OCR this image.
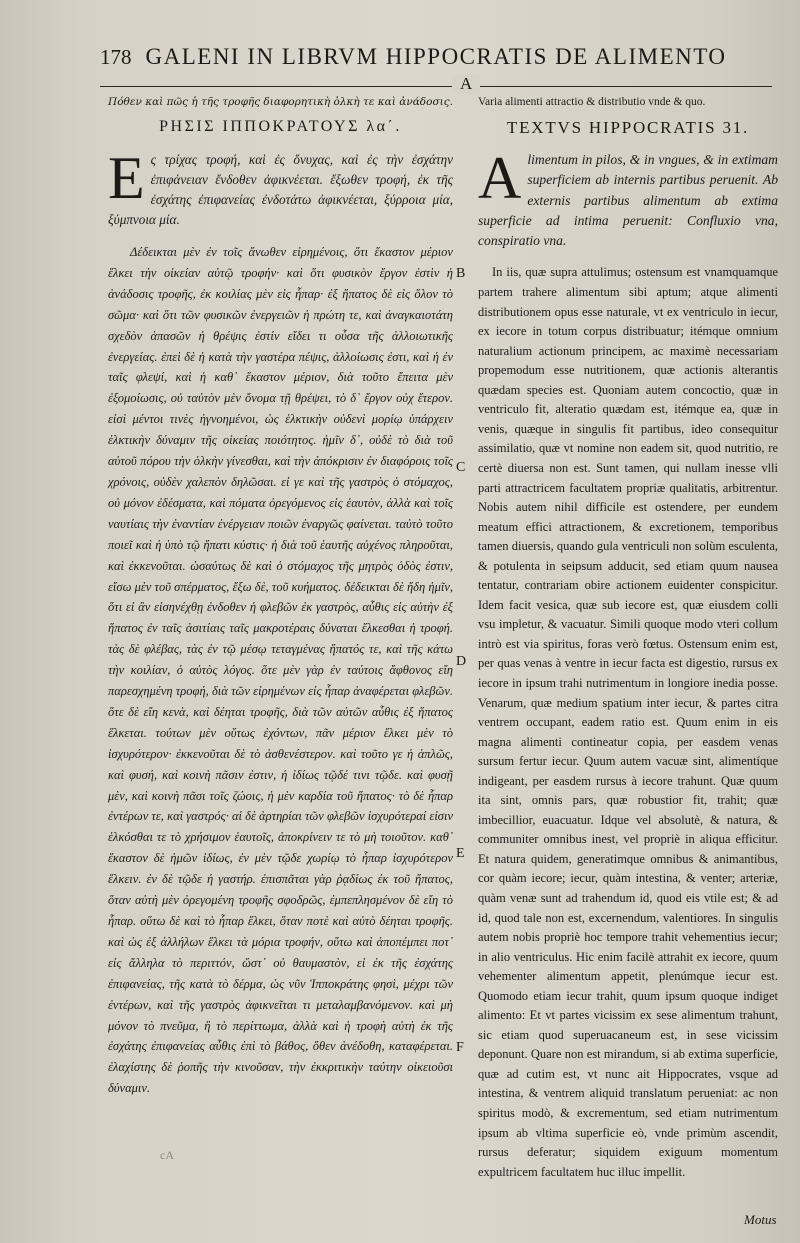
178 GALENI IN LIBRVM HIPPOCRATIS DE ALIMENTO
A
Πόθεν καὶ πῶς ἡ τῆς τροφῆς διαφορητικὴ ὁλκὴ τε καὶ ἀνάδοσις.
ΡΗΣΙΣ ΙΠΠΟΚΡΑΤΟΥΣ λα΄.
Ες τρίχας τροφή, καὶ ἐς ὄνυχας, καὶ ἐς τὴν ἐσχάτην ἐπιφάνειαν ἔνδοθεν ἀφικνέεται. ἔξωθεν τροφή, ἐκ τῆς ἐσχάτης ἐπιφανείας ἐνδοτάτω ἀφικνέεται, ξύρροια μία, ξύμπνοια μία.
Δέδεικται μὲν ἐν τοῖς ἄνωθεν εἰρημένοις, ὅτι ἕκαστον μέριον ἕλκει τὴν οἰκείαν αὑτῷ τροφήν· καὶ ὅτι φυσικὸν ἔργον ἐστὶν ἡ ἀνάδοσις τροφῆς, ἐκ κοιλίας μὲν εἰς ἧπαρ· ἐξ ἥπατος δὲ εἰς ὅλον τὸ σῶμα· καὶ ὅτι τῶν φυσικῶν ἐνεργειῶν ἡ πρώτη τε, καὶ ἀναγκαιοτάτη σχεδὸν ἁπασῶν ἡ θρέψις ἐστίν εἴδει τι οὖσα τῆς ἀλλοιωτικῆς ἐνεργείας. ἐπεὶ δὲ ἡ κατὰ τὴν γαστέρα πέψις, ἀλλοίωσις ἐστι, καὶ ἡ ἐν ταῖς φλεψί, καὶ ἡ καθ᾽ ἕκαστον μέριον, διὰ τοῦτο ἔπειτα μὲν ἐξομοίωσις, οὐ ταὐτὸν μὲν ὄνομα τῇ θρέψει, τὸ δ᾽ ἔργον οὐχ ἕτερον. εἰσὶ μέντοι τινὲς ἠγνοημένοι, ὡς ἑλκτικὴν οὐδενὶ μορίῳ ὑπάρχειν ἑλκτικὴν δύναμιν τῆς οἰκείας ποιότητος. ἡμῖν δ᾽, οὐδὲ τὸ διὰ τοῦ αὐτοῦ πόρου τὴν ὁλκὴν γίνεσθαι, καὶ τὴν ἀπόκρισιν ἐν διαφόροις τοῖς χρόνοις, οὐδὲν χαλεπὸν δηλῶσαι. εἰ γε καὶ τῆς γαστρὸς ὁ στόμαχος, οὐ μόνον ἐδέσματα, καὶ πόματα ὀρεγόμενος εἰς ἑαυτὸν, ἀλλὰ καὶ τοῖς ναυτίαις τὴν ἐναντίαν ἐνέργειαν ποιῶν ἐναργῶς φαίνεται. ταὐτὸ τοῦτο ποιεῖ καὶ ἡ ὑπὸ τῷ ἥπατι κύστις· ἡ διὰ τοῦ ἑαυτῆς αὐχένος πληροῦται, καὶ ἐκκενοῦται. ὡσαύτως δὲ καὶ ὁ στόμαχος τῆς μητρὸς ὁδὸς ἐστιν, εἴσω μὲν τοῦ σπέρματος, ἔξω δὲ, τοῦ κυήματος. δέδεικται δὲ ἤδη ἡμῖν, ὅτι εἰ ἂν εἰσηνέχθῃ ἐνδοθεν ἡ φλεβῶν ἐκ γαστρὸς, αὖθις εἰς αὐτὴν ἐξ ἥπατος ἐν ταῖς ἀσιτίαις ταῖς μακροτέραις δύναται ἕλκεσθαι ἡ τροφή. τὰς δὲ φλέβας, τὰς ἐν τῷ μέσῳ τεταγμένας ἥπατός τε, καὶ τῆς κάτω τὴν κοιλίαν, ὁ αὐτὸς λόγος. ὅτε μὲν γὰρ ἐν ταύτοις ἄφθονος εἴη παρεσχημένη τροφή, διὰ τῶν εἰρημένων εἰς ἧπαρ ἀναφέρεται φλεβῶν. ὅτε δὲ εἴη κενὰ, καὶ δέηται τροφῆς, διὰ τῶν αὐτῶν αὖθις ἐξ ἥπατος ἕλκεται. τούτων μὲν οὕτως ἐχόντων, πᾶν μέριον ἕλκει μὲν τὸ ἰσχυρότερον· ἐκκενοῦται δὲ τὸ ἀσθενέστερον. καὶ τοῦτο γε ἡ ἁπλῶς, καὶ φυσή, καὶ κοινὴ πᾶσιν ἐστιν, ἡ ἰδίως τῷδέ τινι τῷδε. καὶ φυσῇ μὲν, καὶ κοινὴ πᾶσι τοῖς ζώοις, ἡ μὲν καρδία τοῦ ἥπατος· τὸ δὲ ἧπαρ ἐντέρων τε, καὶ γαστρός· αἱ δὲ ἀρτηρίαι τῶν φλεβῶν ἰσχυρότεραί εἰσιν ἑλκόσθαι τε τὸ χρήσιμον ἑαυτοῖς, ἀποκρίνειν τε τὸ μὴ τοιοῦτον. καθ᾽ ἕκαστον δὲ ἡμῶν ἰδίως, ἐν μὲν τῷδε χωρίῳ τὸ ἧπαρ ἰσχυρότερον ἕλκειν. ἐν δὲ τῷδε ἡ γαστήρ. ἐπισπᾶται γὰρ ῥᾳδίως ἐκ τοῦ ἥπατος, ὅταν αὐτὴ μὲν ὀρεγομένη τροφῆς σφοδρῶς, ἐμπεπλησμένον δὲ εἴη τὸ ἧπαρ. οὕτω δὲ καὶ τὸ ἧπαρ ἕλκει, ὅταν ποτὲ καὶ αὐτὸ δέηται τροφῆς. καὶ ὡς ἐξ ἀλλήλων ἕλκει τὰ μόρια τροφήν, οὕτω καὶ ἀποπέμπει ποτ᾽ εἰς ἄλληλα τὸ περιττόν, ὥστ᾽ οὐ θαυμαστὸν, εἰ ἐκ τῆς ἐσχάτης ἐπιφανείας, τῆς κατὰ τὸ δέρμα, ὡς νῦν Ἱπποκράτης φησὶ, μέχρι τῶν ἐντέρων, καὶ τῆς γαστρὸς ἀφικνεῖται τι μεταλαμβανόμενον. καὶ μὴ μόνον τὸ πνεῦμα, ἢ τὸ περίττωμα, ἀλλὰ καὶ ἡ τροφὴ αὐτὴ ἐκ τῆς ἐσχάτης ἐπιφανείας αὖθις ἐπὶ τὸ βάθος, ὅθεν ἀνέδοθη, καταφέρεται. ἐλαχίστης δὲ ῥοπῆς τὴν κινοῦσαν, τὴν ἐκκριτικὴν ταύτην οἰκειοῦσι δύναμιν.
Varia alimenti attractio & distributio vnde & quo.
TEXTVS HIPPOCRATIS 31.
Alimentum in pilos, & in vngues, & in extimam superficiem ab internis partibus peruenit. Ab externis partibus alimentum ab extima superficie ad intima peruenit: Confluxio vna, conspiratio vna.
In iis, quæ supra attulimus; ostensum est vnamquamque partem trahere alimentum sibi aptum; atque alimenti distributionem opus esse naturale, vt ex ventriculo in iecur, ex iecore in totum corpus distribuatur; itémque omnium naturalium actionum principem, ac maximè necessariam propemodum esse nutritionem, quæ actionis alterantis quædam species est. Quoniam autem concoctio, quæ in ventriculo fit, alteratio quædam est, itémque ea, quæ in venis, quæque in singulis fit partibus, ideo consequitur assimilatio, quæ vt nomine non eadem sit, quod nutritio, re certè diuersa non est. Sunt tamen, qui nullam inesse vlli parti attractricem facultatem propriæ qualitatis, arbitrentur. Nobis autem nihil difficile est ostendere, per eundem meatum effici attractionem, & excretionem, temporibus tamen diuersis, quando gula ventriculi non solùm esculenta, & potulenta in seipsum adducit, sed etiam quum nausea tentatur, contrariam obire actionem euidenter conspicitur. Idem facit vesica, quæ sub iecore est, quæ eiusdem colli vsu impletur, & vacuatur. Simili quoque modo vteri collum intrò est via spiritus, foras verò fœtus. Ostensum enim est, per quas venas à ventre in iecur facta est digestio, rursus ex iecore in ipsum trahi nutrimentum in longiore inedia posse. Venarum, quæ medium spatium inter iecur, & partes citra ventrem occupant, eadem ratio est. Quum enim in eis magna alimenti contineatur copia, per easdem venas sursum fertur iecur. Quum autem vacuæ sint, alimentíque indigeant, per easdem rursus à iecore trahunt. Quæ quum ita sint, omnis pars, quæ robustior fit, trahit; quæ imbecillior, euacuatur. Idque vel absolutè, & natura, & communiter omnibus inest, vel propriè in aliqua efficitur. Et natura quidem, generatimque omnibus & animantibus, cor quàm iecore; iecur, quàm intestina, & venter; arteriæ, quàm venæ sunt ad trahendum id, quod eis vtile est; & ad id, quod tale non est, excernendum, valentiores. In singulis autem nobis propriè hoc tempore trahit vehementius iecur; in alio ventriculus. Hic enim facilè attrahit ex iecore, quum vehementer alimentum appetit, plenúmque iecur est. Quomodo etiam iecur trahit, quum ipsum quoque indiget alimento: Et vt partes vicissim ex sese alimentum trahunt, sic etiam quod superuacaneum est, in sese vicissim deponunt. Quare non est mirandum, si ab extima superficie, quæ ad cutim est, vt nunc ait Hippocrates, vsque ad intestina, & ventrem aliquid translatum perueniat: ac non spiritus modò, & excrementum, sed etiam nutrimentum ipsum ab vltima superficie eò, vnde primùm ascendit, rursus deferatur; siquidem exiguum momentum expultricem facultatem huc illuc impellit.
B
C
D
E
F
cA
Motus
